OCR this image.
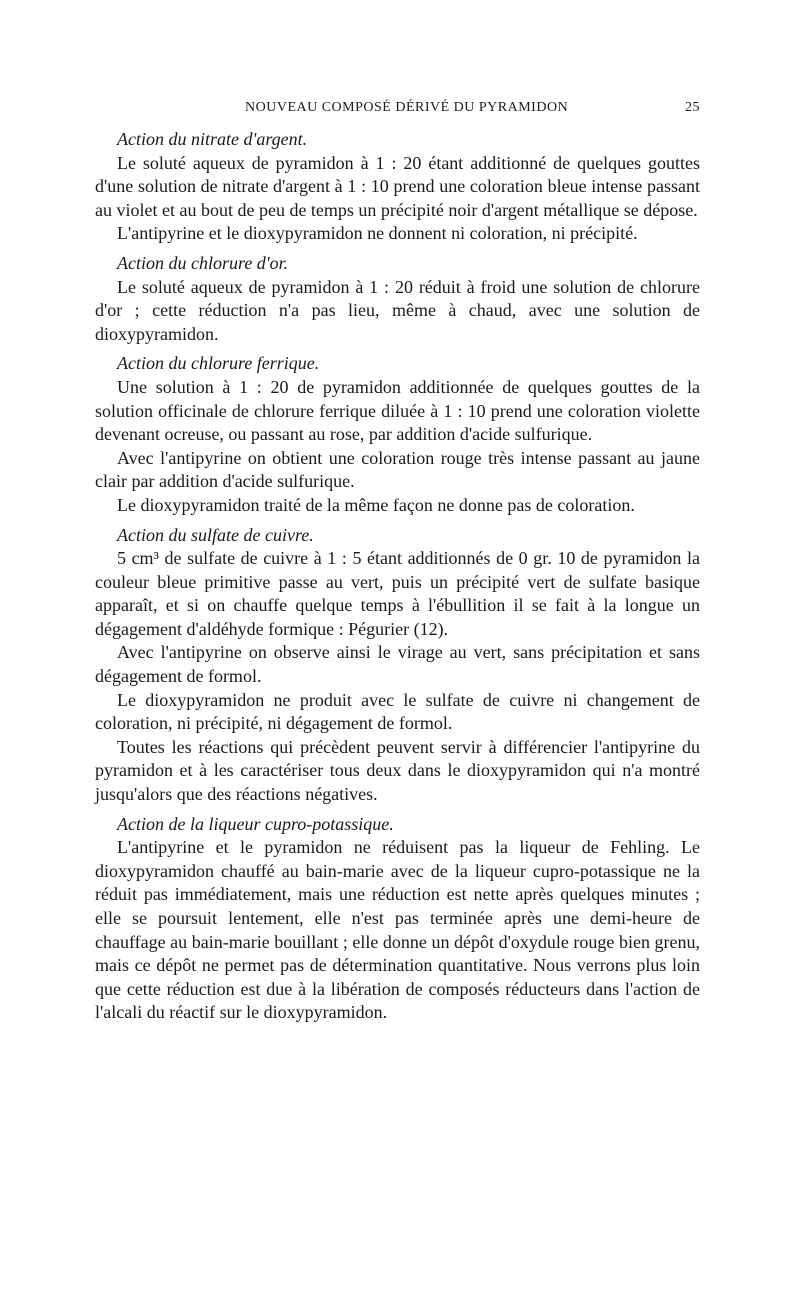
NOUVEAU COMPOSÉ DÉRIVÉ DU PYRAMIDON	25

Action du nitrate d'argent.

Le soluté aqueux de pyramidon à 1 : 20 étant additionné de quelques gouttes d'une solution de nitrate d'argent à 1 : 10 prend une coloration bleue intense passant au violet et au bout de peu de temps un précipité noir d'argent métallique se dépose.

L'antipyrine et le dioxypyramidon ne donnent ni coloration, ni précipité.

Action du chlorure d'or.

Le soluté aqueux de pyramidon à 1 : 20 réduit à froid une solution de chlorure d'or ; cette réduction n'a pas lieu, même à chaud, avec une solution de dioxypyramidon.

Action du chlorure ferrique.

Une solution à 1 : 20 de pyramidon additionnée de quelques gouttes de la solution officinale de chlorure ferrique diluée à 1 : 10 prend une coloration violette devenant ocreuse, ou passant au rose, par addition d'acide sulfurique.

Avec l'antipyrine on obtient une coloration rouge très intense passant au jaune clair par addition d'acide sulfurique.

Le dioxypyramidon traité de la même façon ne donne pas de coloration.

Action du sulfate de cuivre.

5 cm³ de sulfate de cuivre à 1 : 5 étant additionnés de 0 gr. 10 de pyramidon la couleur bleue primitive passe au vert, puis un précipité vert de sulfate basique apparaît, et si on chauffe quelque temps à l'ébullition il se fait à la longue un dégagement d'aldéhyde formique : Pégurier (12).

Avec l'antipyrine on observe ainsi le virage au vert, sans précipitation et sans dégagement de formol.

Le dioxypyramidon ne produit avec le sulfate de cuivre ni changement de coloration, ni précipité, ni dégagement de formol.

Toutes les réactions qui précèdent peuvent servir à différencier l'antipyrine du pyramidon et à les caractériser tous deux dans le dioxypyramidon qui n'a montré jusqu'alors que des réactions négatives.

Action de la liqueur cupro-potassique.

L'antipyrine et le pyramidon ne réduisent pas la liqueur de Fehling. Le dioxypyramidon chauffé au bain-marie avec de la liqueur cupro-potassique ne la réduit pas immédiatement, mais une réduction est nette après quelques minutes ; elle se poursuit lentement, elle n'est pas terminée après une demi-heure de chauffage au bain-marie bouillant ; elle donne un dépôt d'oxydule rouge bien grenu, mais ce dépôt ne permet pas de détermination quantitative. Nous verrons plus loin que cette réduction est due à la libération de composés réducteurs dans l'action de l'alcali du réactif sur le dioxypyramidon.
